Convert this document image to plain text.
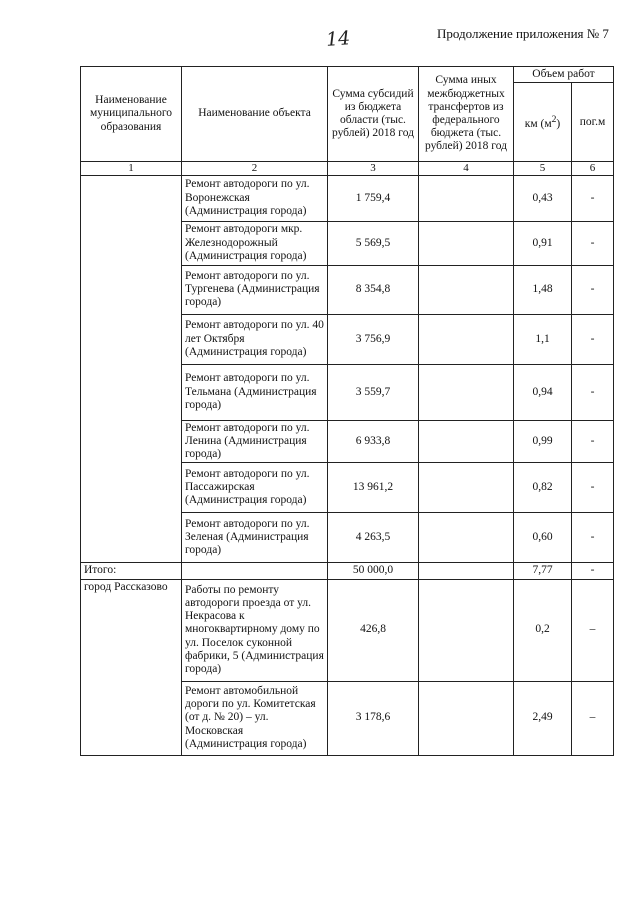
14	Продолжение приложения № 7
Наименование муниципального образования	Наименование объекта	Сумма субсидий из бюджета области (тыс. рублей) 2018 год	Сумма иных межбюджетных трансфертов из федерального бюджета (тыс. рублей) 2018 год	Объем работ	
				км $(м^2)$	пог.м
1	2	3	4	5	6
	Ремонт автодороги по ул. Воронежская (Администрация города)	1 759,4		0,43	-
	Ремонт автодороги мкр. Железнодорожный (Администрация города)	5 569,5		0,91	-
	Ремонт автодороги по ул. Тургенева (Администрация города)	8 354,8		1,48	-
	Ремонт автодороги по ул. 40 лет Октября (Администрация города)	3 756,9		1,1	-
	Ремонт автодороги по ул. Тельмана (Администрация города)	3 559,7		0,94	-
	Ремонт автодороги по ул. Ленина (Администрация города)	6 933,8		0,99	-
	Ремонт автодороги по ул. Пассажирская (Администрация города)	13 961,2		0,82	-
	Ремонт автодороги по ул. Зеленая (Администрация города)	4 263,5		0,60	-
Итого:		50 000,0		7,77	-
город Рассказово	Работы по ремонту автодороги проезда от ул. Некрасова к многоквартирному дому по ул. Поселок суконной фабрики, 5 (Администрация города)	426,8		0,2	–
	Ремонт автомобильной дороги по ул. Комитетская (от д. № 20) – ул. Московская (Администрация города)	3 178,6		2,49	–
